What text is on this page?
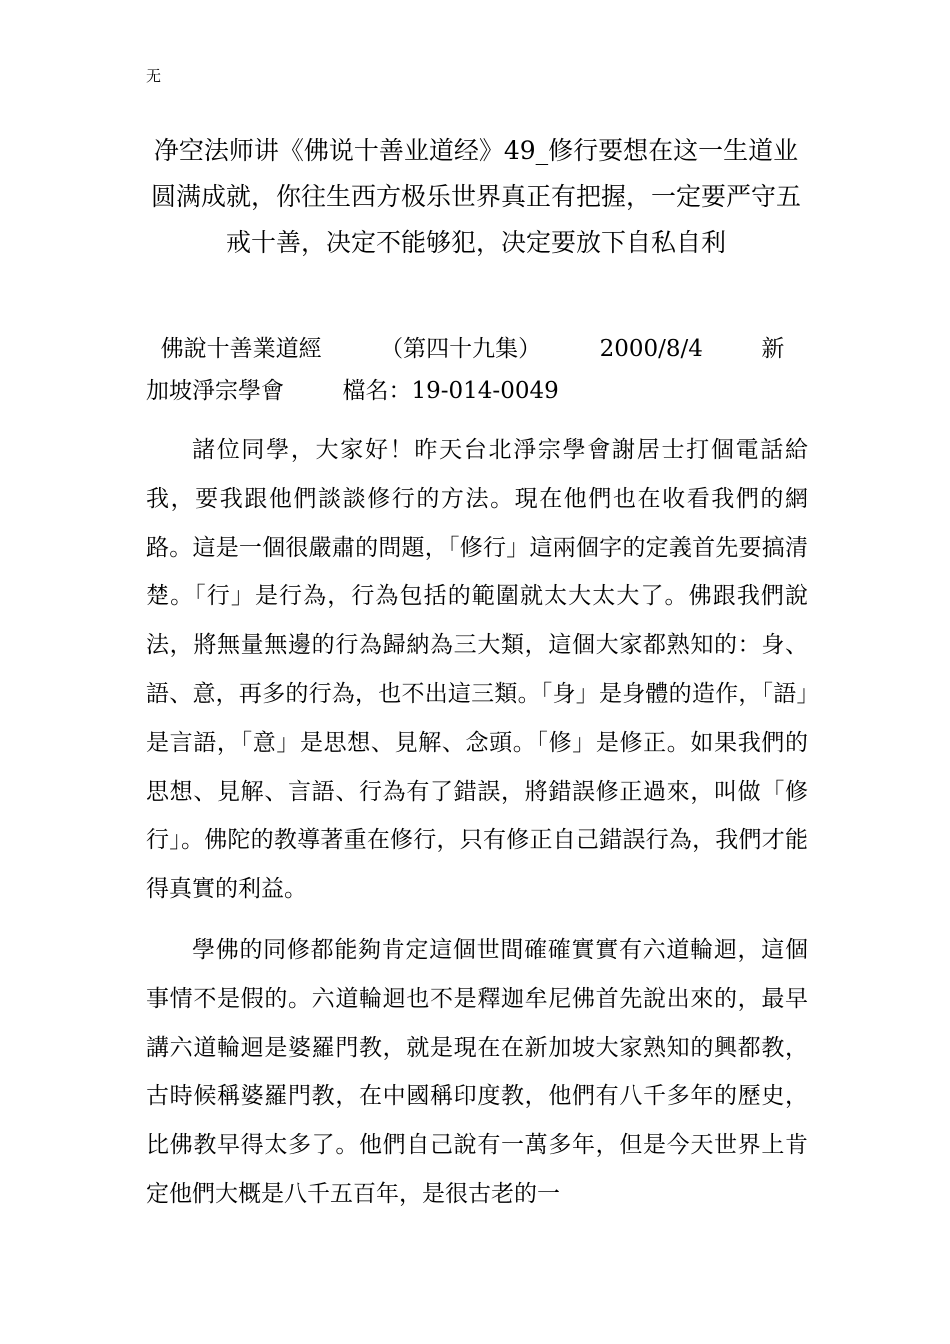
无
净空法师讲《佛说十善业道经》49_修行要想在这一生道业圆满成就，你往生西方极乐世界真正有把握，一定要严守五戒十善，决定不能够犯，决定要放下自私自利
佛說十善業道經        （第四十九集）        2000/8/4        新加坡淨宗學會        檔名：19-014-0049

諸位同學，大家好！昨天台北淨宗學會謝居士打個電話給我，要我跟他們談談修行的方法。現在他們也在收看我們的網路。這是一個很嚴肅的問題，「修行」這兩個字的定義首先要搞清楚。「行」是行為，行為包括的範圍就太大太大了。佛跟我們說法，將無量無邊的行為歸納為三大類，這個大家都熟知的：身、語、意，再多的行為，也不出這三類。「身」是身體的造作，「語」是言語，「意」是思想、見解、念頭。「修」是修正。如果我們的思想、見解、言語、行為有了錯誤，將錯誤修正過來，叫做「修行」。佛陀的教導著重在修行，只有修正自己錯誤行為，我們才能得真實的利益。

學佛的同修都能夠肯定這個世間確確實實有六道輪迴，這個事情不是假的。六道輪迴也不是釋迦牟尼佛首先說出來的，最早講六道輪迴是婆羅門教，就是現在在新加坡大家熟知的興都教，古時候稱婆羅門教，在中國稱印度教，他們有八千多年的歷史，比佛教早得太多了。他們自己說有一萬多年，但是今天世界上肯定他們大概是八千五百年，是很古老的一
